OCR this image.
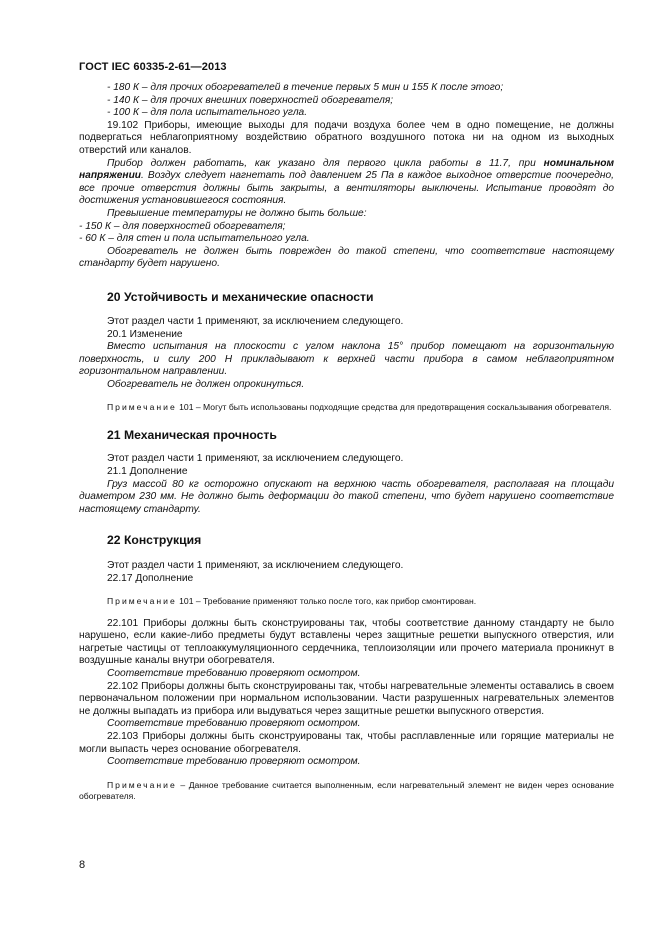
ГОСТ IEC 60335-2-61—2013

- 180 К – для прочих обогревателей в течение первых 5 мин и 155 К после этого;

- 140 К – для прочих внешних поверхностей обогревателя;

- 100 К – для пола испытательного угла.

19.102 Приборы, имеющие выходы для подачи воздуха более чем в одно помещение, не должны подвергаться неблагоприятному воздействию обратного воздушного потока ни на одном из выходных отверстий или каналов.

Прибор должен работать, как указано для первого цикла работы в 11.7, при номинальном напряжении. Воздух следует нагнетать под давлением 25 Па в каждое выходное отверстие поочередно, все прочие отверстия должны быть закрыты, а вентиляторы выключены. Испытание проводят до достижения установившегося состояния.

Превышение температуры не должно быть больше:

- 150 К – для поверхностей обогревателя;

- 60 К – для стен и пола испытательного угла.

Обогреватель не должен быть поврежден до такой степени, что соответствие настоящему стандарту будет нарушено.

20 Устойчивость и механические опасности

Этот раздел части 1 применяют, за исключением следующего.

20.1 Изменение

Вместо испытания на плоскости с углом наклона 15° прибор помещают на горизонтальную поверхность, и силу 200 Н прикладывают к верхней части прибора в самом неблагоприятном горизонтальном направлении.

Обогреватель не должен опрокинуться.

Примечание 101 – Могут быть использованы подходящие средства для предотвращения соскальзывания обогревателя.

21 Механическая прочность

Этот раздел части 1 применяют, за исключением следующего.

21.1 Дополнение

Груз массой 80 кг осторожно опускают на верхнюю часть обогревателя, располагая на площади диаметром 230 мм. Не должно быть деформации до такой степени, что будет нарушено соответствие настоящему стандарту.

22 Конструкция

Этот раздел части 1 применяют, за исключением следующего.

22.17 Дополнение

Примечание 101 – Требование применяют только после того, как прибор смонтирован.

22.101 Приборы должны быть сконструированы так, чтобы соответствие данному стандарту не было нарушено, если какие-либо предметы будут вставлены через защитные решетки выпускного отверстия, или нагретые частицы от теплоаккумуляционного сердечника, теплоизоляции или прочего материала проникнут в воздушные каналы внутри обогревателя.

Соответствие требованию проверяют осмотром.

22.102 Приборы должны быть сконструированы так, чтобы нагревательные элементы оставались в своем первоначальном положении при нормальном использовании. Части разрушенных нагревательных элементов не должны выпадать из прибора или выдуваться через защитные решетки выпускного отверстия.

Соответствие требованию проверяют осмотром.

22.103 Приборы должны быть сконструированы так, чтобы расплавленные или горящие материалы не могли выпасть через основание обогревателя.

Соответствие требованию проверяют осмотром.

Примечание – Данное требование считается выполненным, если нагревательный элемент не виден через основание обогревателя.

8
